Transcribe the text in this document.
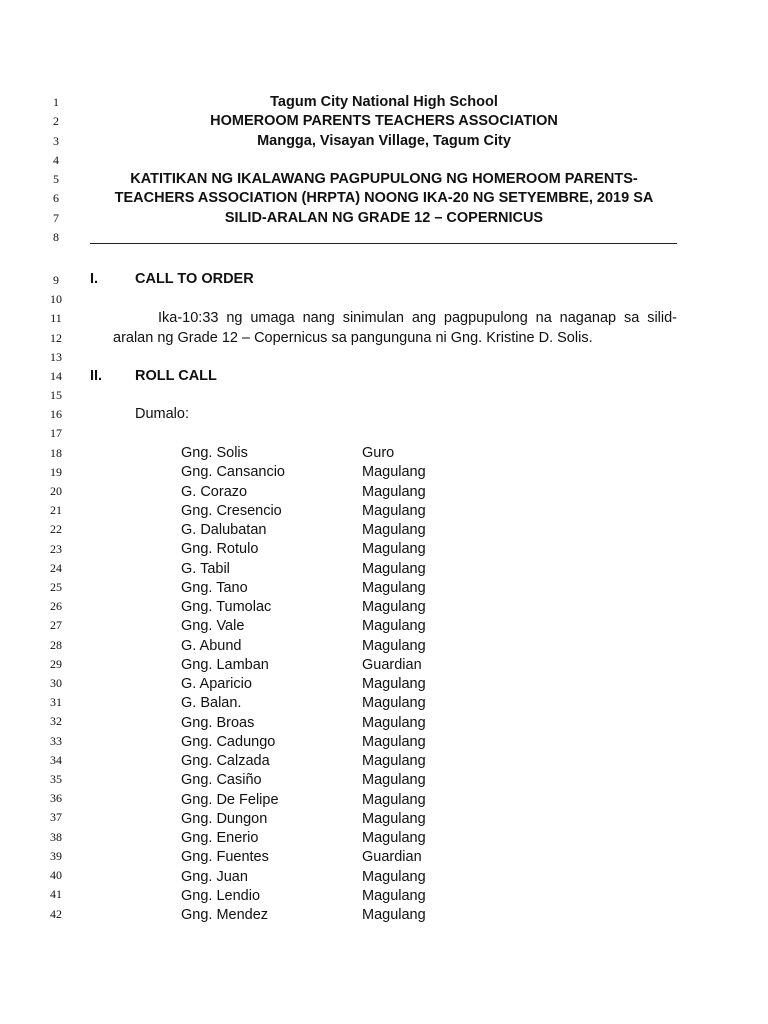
1
2
3
4
5
6
7
8
9
10
11
12
13
14
15
16
17
18
19
20
21
22
23
24
25
26
27
28
29
30
31
32
33
34
35
36
37
38
39
40
41
42
Tagum City National High School
HOMEROOM PARENTS TEACHERS ASSOCIATION
Mangga, Visayan Village, Tagum City
KATITIKAN NG IKALAWANG PAGPUPULONG NG HOMEROOM PARENTS-
TEACHERS ASSOCIATION (HRPTA) NOONG IKA-20 NG SETYEMBRE, 2019 SA
SILID-ARALAN NG GRADE 12 – COPERNICUS
I.	CALL TO ORDER
Ika-10:33 ng umaga nang sinimulan ang pagpupulong na naganap sa silid-
aralan ng Grade 12 – Copernicus sa pangunguna ni Gng. Kristine D. Solis.
II. ROLL CALL
Dumalo:
Gng. Solis	Guro
Gng. Cansancio	Magulang
G. Corazo	Magulang
Gng. Cresencio	Magulang
G. Dalubatan	Magulang
Gng. Rotulo	Magulang
G. Tabil	Magulang
Gng. Tano	Magulang
Gng. Tumolac	Magulang
Gng. Vale	Magulang
G. Abund	Magulang
Gng. Lamban	Guardian
G. Aparicio	Magulang
G. Balan.	Magulang
Gng. Broas	Magulang
Gng. Cadungo	Magulang
Gng. Calzada	Magulang
Gng. Casiño	Magulang
Gng. De Felipe	Magulang
Gng. Dungon	Magulang
Gng. Enerio	Magulang
Gng. Fuentes	Guardian
Gng. Juan	Magulang
Gng. Lendio	Magulang
Gng. Mendez	Magulang
